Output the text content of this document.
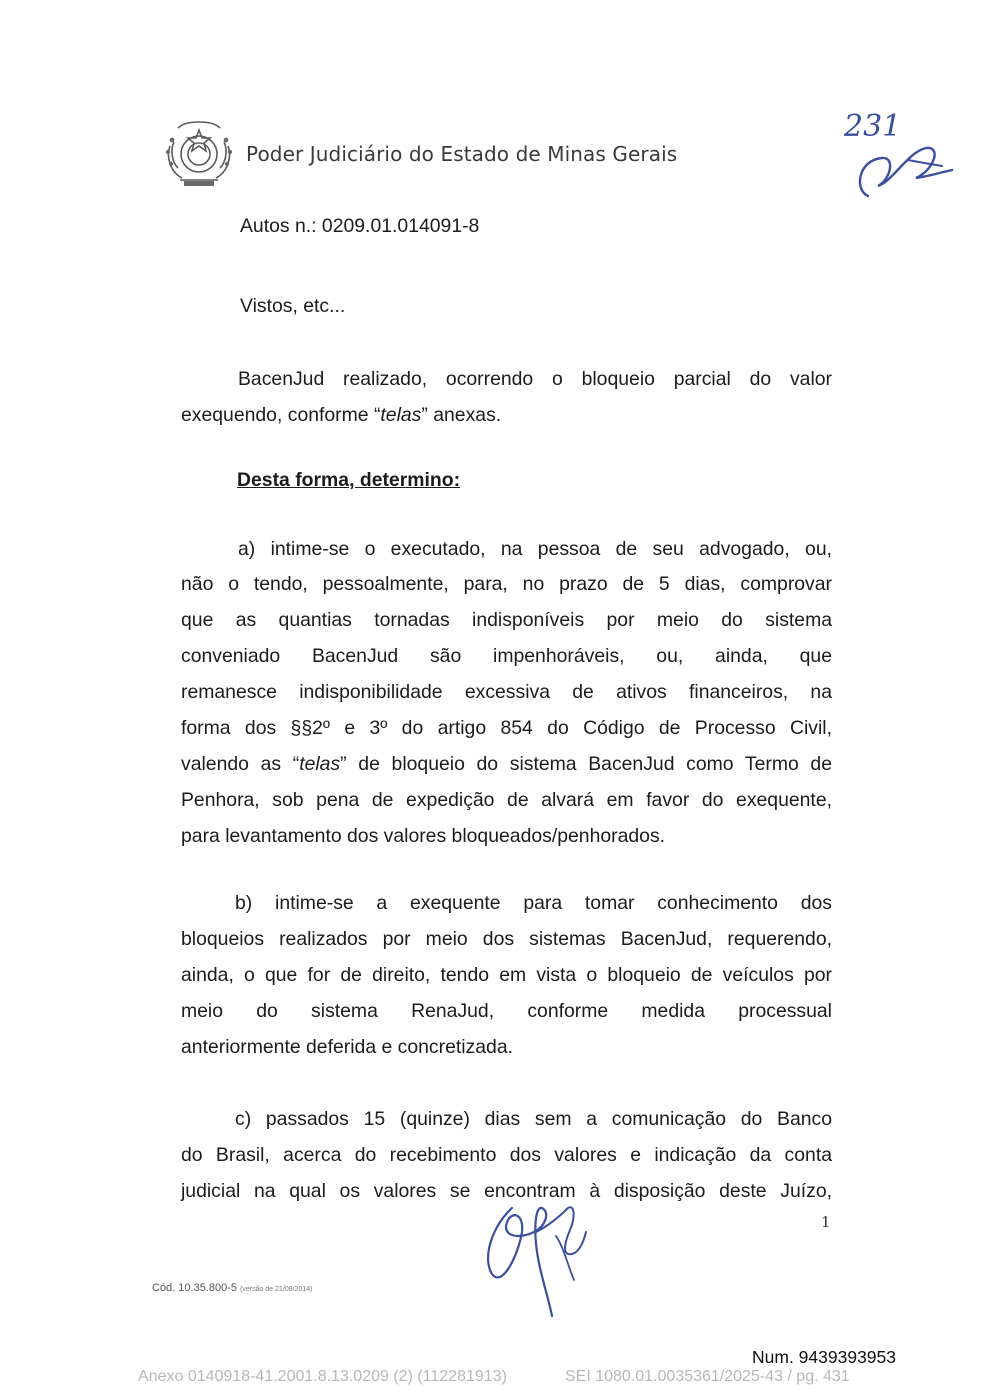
Poder Judiciário do Estado de Minas Gerais
231
Autos n.: 0209.01.014091-8
Vistos, etc...
BacenJud realizado, ocorrendo o bloqueio parcial do valor
exequendo, conforme “telas” anexas.
Desta forma, determino:
a) intime-se o executado, na pessoa de seu advogado, ou,
não o tendo, pessoalmente, para, no prazo de 5 dias, comprovar
que as quantias tornadas indisponíveis por meio do sistema
conveniado BacenJud são impenhoráveis, ou, ainda, que
remanesce indisponibilidade excessiva de ativos financeiros, na
forma dos §§2º e 3º do artigo 854 do Código de Processo Civil,
valendo as “telas” de bloqueio do sistema BacenJud como Termo de
Penhora, sob pena de expedição de alvará em favor do exequente,
para levantamento dos valores bloqueados/penhorados.
b) intime-se a exequente para tomar conhecimento dos
bloqueios realizados por meio dos sistemas BacenJud, requerendo,
ainda, o que for de direito, tendo em vista o bloqueio de veículos por
meio do sistema RenaJud, conforme medida processual
anteriormente deferida e concretizada.
c) passados 15 (quinze) dias sem a comunicação do Banco
do Brasil, acerca do recebimento dos valores e indicação da conta
judicial na qual os valores se encontram à disposição deste Juízo,
1
Cód. 10.35.800-5 (versão de 21/08/2014)
Num. 9439393953
Anexo 0140918-41.2001.8.13.0209 (2) (112281913)	SEI 1080.01.0035361/2025-43 / pg. 431
